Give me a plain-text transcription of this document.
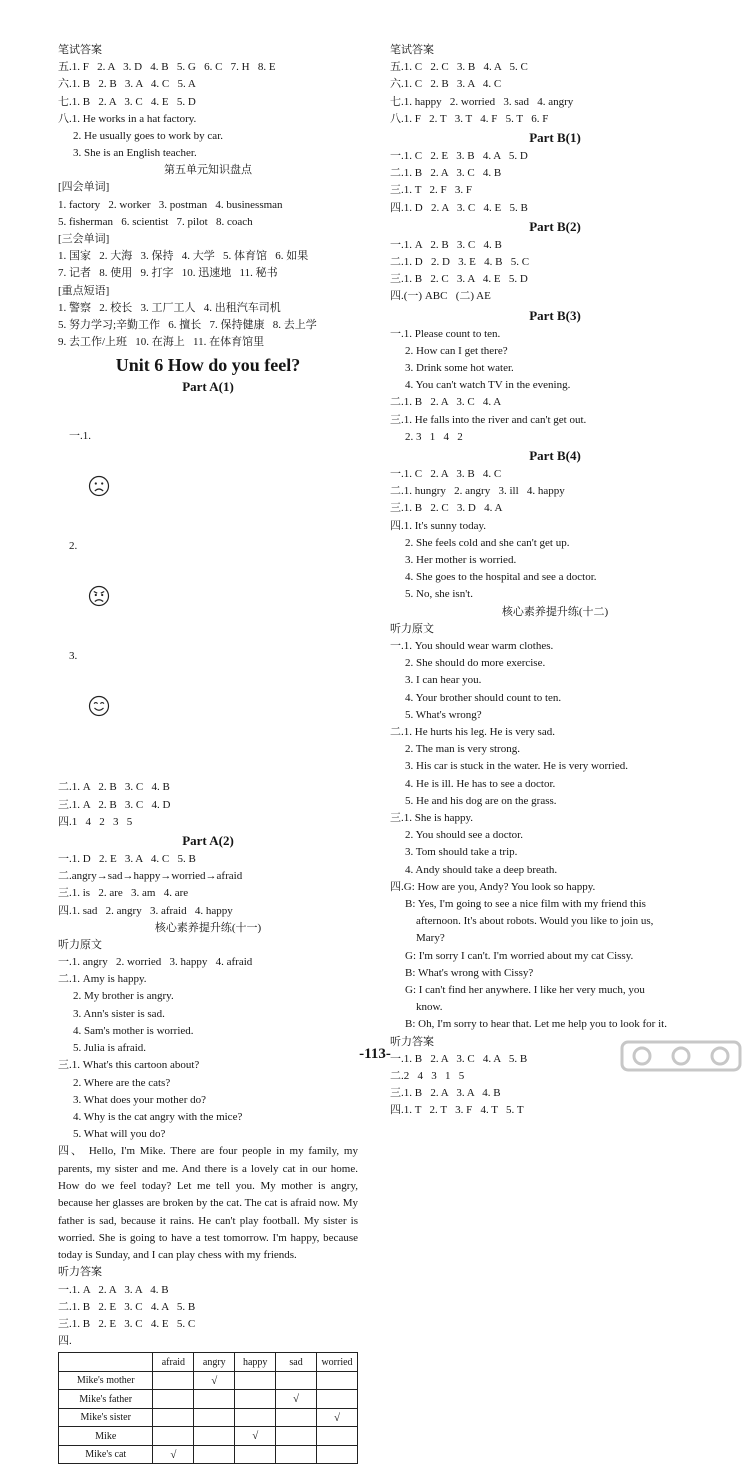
笔试答案
五.1. F   2. A   3. D   4. B   5. G   6. C   7. H   8. E
六.1. B   2. B   3. A   4. C   5. A
七.1. B   2. A   3. C   4. E   5. D
八.1. He works in a hat factory.
2. He usually goes to work by car.
3. She is an English teacher.
第五单元知识盘点
[四会单词]
1. factory   2. worker   3. postman   4. businessman
5. fisherman   6. scientist   7. pilot   8. coach
[三会单词]
1. 国家   2. 大海   3. 保持   4. 大学   5. 体育馆   6. 如果
7. 记者   8. 使用   9. 打字   10. 迅速地   11. 秘书
[重点短语]
1. 警察   2. 校长   3. 工厂工人   4. 出租汽车司机
5. 努力学习;辛勤工作   6. 擅长   7. 保持健康   8. 去上学
9. 去工作/上班   10. 在海上   11. 在体育馆里
Unit 6 How do you feel?
Part A(1)

一.1.

2.

3.

二.1. A   2. B   3. C   4. B
三.1. A   2. B   3. C   4. D
四.1   4   2   3   5
Part A(2)
一.1. D   2. E   3. A   4. C   5. B
二.angry→sad→happy→worried→afraid
三.1. is   2. are   3. am   4. are
四.1. sad   2. angry   3. afraid   4. happy
核心素养提升练(十一)
听力原文
一.1. angry   2. worried   3. happy   4. afraid
二.1. Amy is happy.
2. My brother is angry.
3. Ann's sister is sad.
4. Sam's mother is worried.
5. Julia is afraid.
三.1. What's this cartoon about?
2. Where are the cats?
3. What does your mother do?
4. Why is the cat angry with the mice?
5. What will you do?
四、 Hello, I'm Mike. There are four people in my family, my parents, my sister and me. And there is a lovely cat in our home. How do we feel today? Let me tell you. My mother is angry, because her glasses are broken by the cat. The cat is afraid now. My father is sad, because it rains. He can't play football. My sister is worried. She is going to have a test tomorrow. I'm happy, because today is Sunday, and I can play chess with my friends.
听力答案
一.1. A   2. A   3. A   4. B
二.1. B   2. E   3. C   4. A   5. B
三.1. B   2. E   3. C   4. E   5. C
四.
	afraid	angry	happy	sad	worried
Mike's mother		√			
Mike's father				√	
Mike's sister					√
Mike			√		
Mike's cat	√				
笔试答案
五.1. C   2. C   3. B   4. A   5. C
六.1. C   2. B   3. A   4. C
七.1. happy   2. worried   3. sad   4. angry
八.1. F   2. T   3. T   4. F   5. T   6. F
Part B(1)
一.1. C   2. E   3. B   4. A   5. D
二.1. B   2. A   3. C   4. B
三.1. T   2. F   3. F
四.1. D   2. A   3. C   4. E   5. B
Part B(2)
一.1. A   2. B   3. C   4. B
二.1. D   2. D   3. E   4. B   5. C
三.1. B   2. C   3. A   4. E   5. D
四.(一) ABC   (二) AE
Part B(3)
一.1. Please count to ten.
2. How can I get there?
3. Drink some hot water.
4. You can't watch TV in the evening.
二.1. B   2. A   3. C   4. A
三.1. He falls into the river and can't get out.
2. 3   1   4   2
Part B(4)
一.1. C   2. A   3. B   4. C
二.1. hungry   2. angry   3. ill   4. happy
三.1. B   2. C   3. D   4. A
四.1. It's sunny today.
2. She feels cold and she can't get up.
3. Her mother is worried.
4. She goes to the hospital and see a doctor.
5. No, she isn't.
核心素养提升练(十二)
听力原文
一.1. You should wear warm clothes.
2. She should do more exercise.
3. I can hear you.
4. Your brother should count to ten.
5. What's wrong?
二.1. He hurts his leg. He is very sad.
2. The man is very strong.
3. His car is stuck in the water. He is very worried.
4. He is ill. He has to see a doctor.
5. He and his dog are on the grass.
三.1. She is happy.
2. You should see a doctor.
3. Tom should take a trip.
4. Andy should take a deep breath.
四.G: How are you, Andy? You look so happy.
B: Yes, I'm going to see a nice film with my friend this
afternoon. It's about robots. Would you like to join us,
Mary?
G: I'm sorry I can't. I'm worried about my cat Cissy.
B: What's wrong with Cissy?
G: I can't find her anywhere. I like her very much, you
know.
B: Oh, I'm sorry to hear that. Let me help you to look for it.
听力答案
一.1. B   2. A   3. C   4. A   5. B
二.2   4   3   1   5
三.1. B   2. A   3. A   4. B
四.1. T   2. T   3. F   4. T   5. T
-113-
